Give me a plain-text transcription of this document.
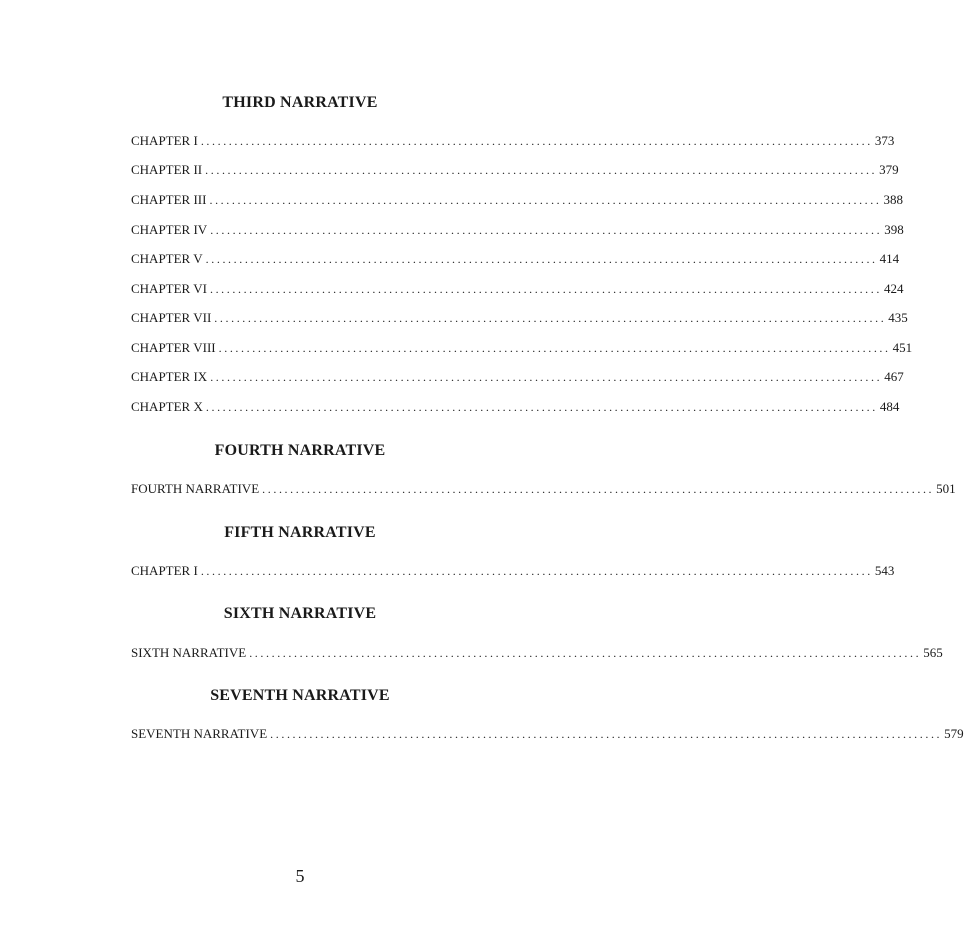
THIRD NARRATIVE
CHAPTER I ........................................................................................................................ 373
CHAPTER II ........................................................................................................................ 379
CHAPTER III ........................................................................................................................ 388
CHAPTER IV ........................................................................................................................ 398
CHAPTER V ........................................................................................................................ 414
CHAPTER VI ........................................................................................................................ 424
CHAPTER VII ........................................................................................................................ 435
CHAPTER VIII ........................................................................................................................ 451
CHAPTER IX ........................................................................................................................ 467
CHAPTER X ........................................................................................................................ 484
FOURTH NARRATIVE
FOURTH NARRATIVE ........................................................................................................................ 501
FIFTH NARRATIVE
CHAPTER I ........................................................................................................................ 543
SIXTH NARRATIVE
SIXTH NARRATIVE ........................................................................................................................ 565
SEVENTH NARRATIVE
SEVENTH NARRATIVE ........................................................................................................................ 579
5
